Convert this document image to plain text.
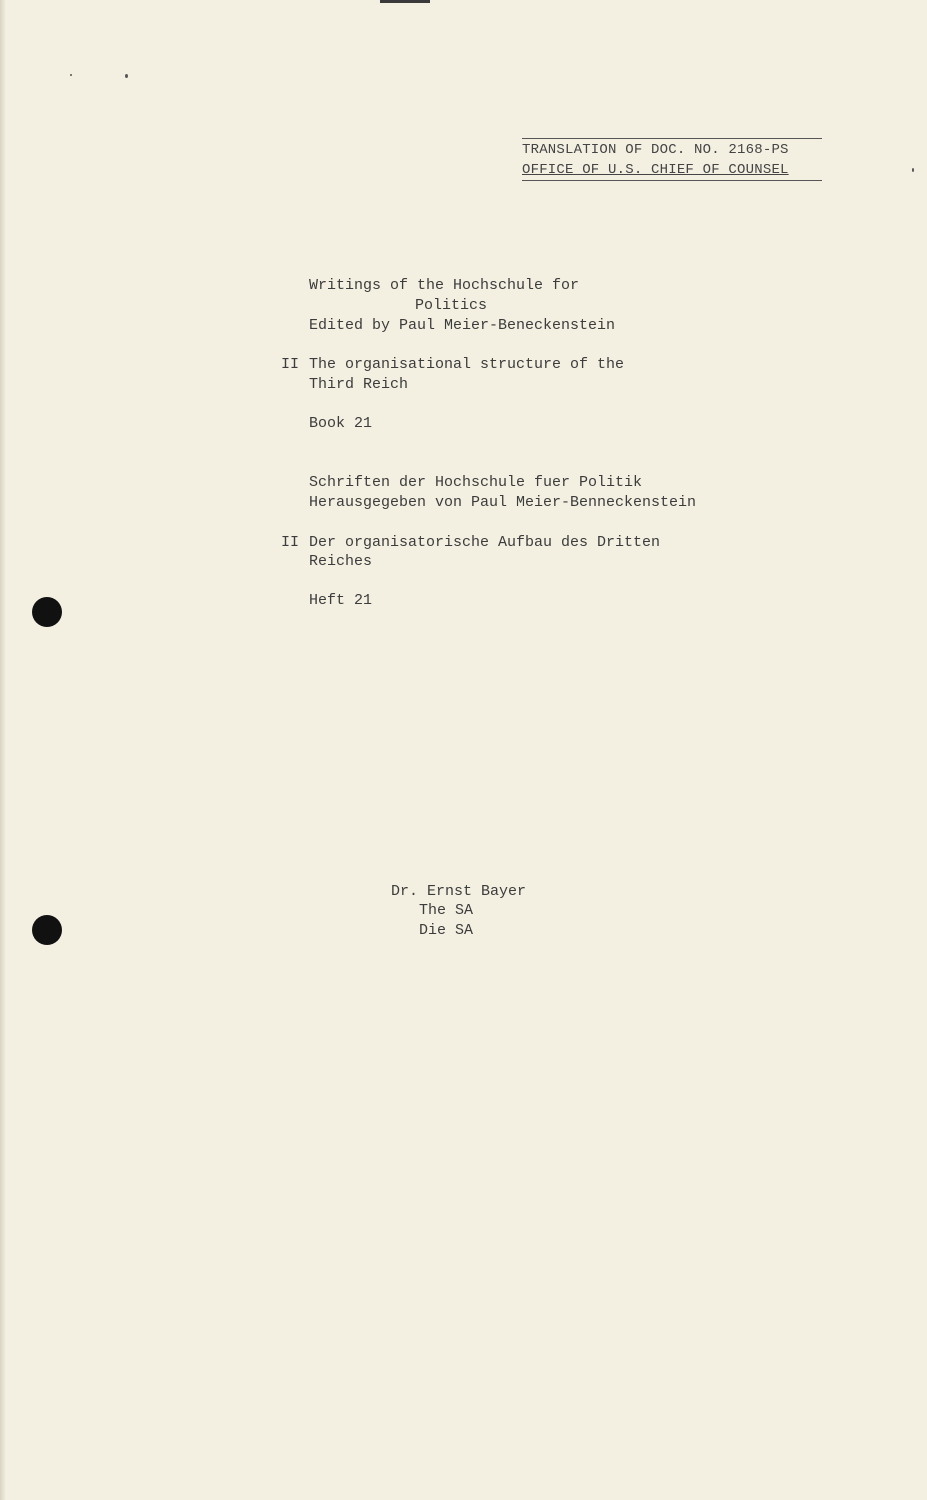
TRANSLATION OF DOC. NO. 2168-PS
OFFICE OF U.S. CHIEF OF COUNSEL
Writings of the Hochschule for
Politics
Edited by Paul Meier-Beneckenstein
II The organisational structure of the
Third Reich
Book 21
Schriften der Hochschule fuer Politik
Herausgegeben von Paul Meier-Benneckenstein
II Der organisatorische Aufbau des Dritten
Reiches
Heft 21
Dr. Ernst Bayer
The SA
Die SA
